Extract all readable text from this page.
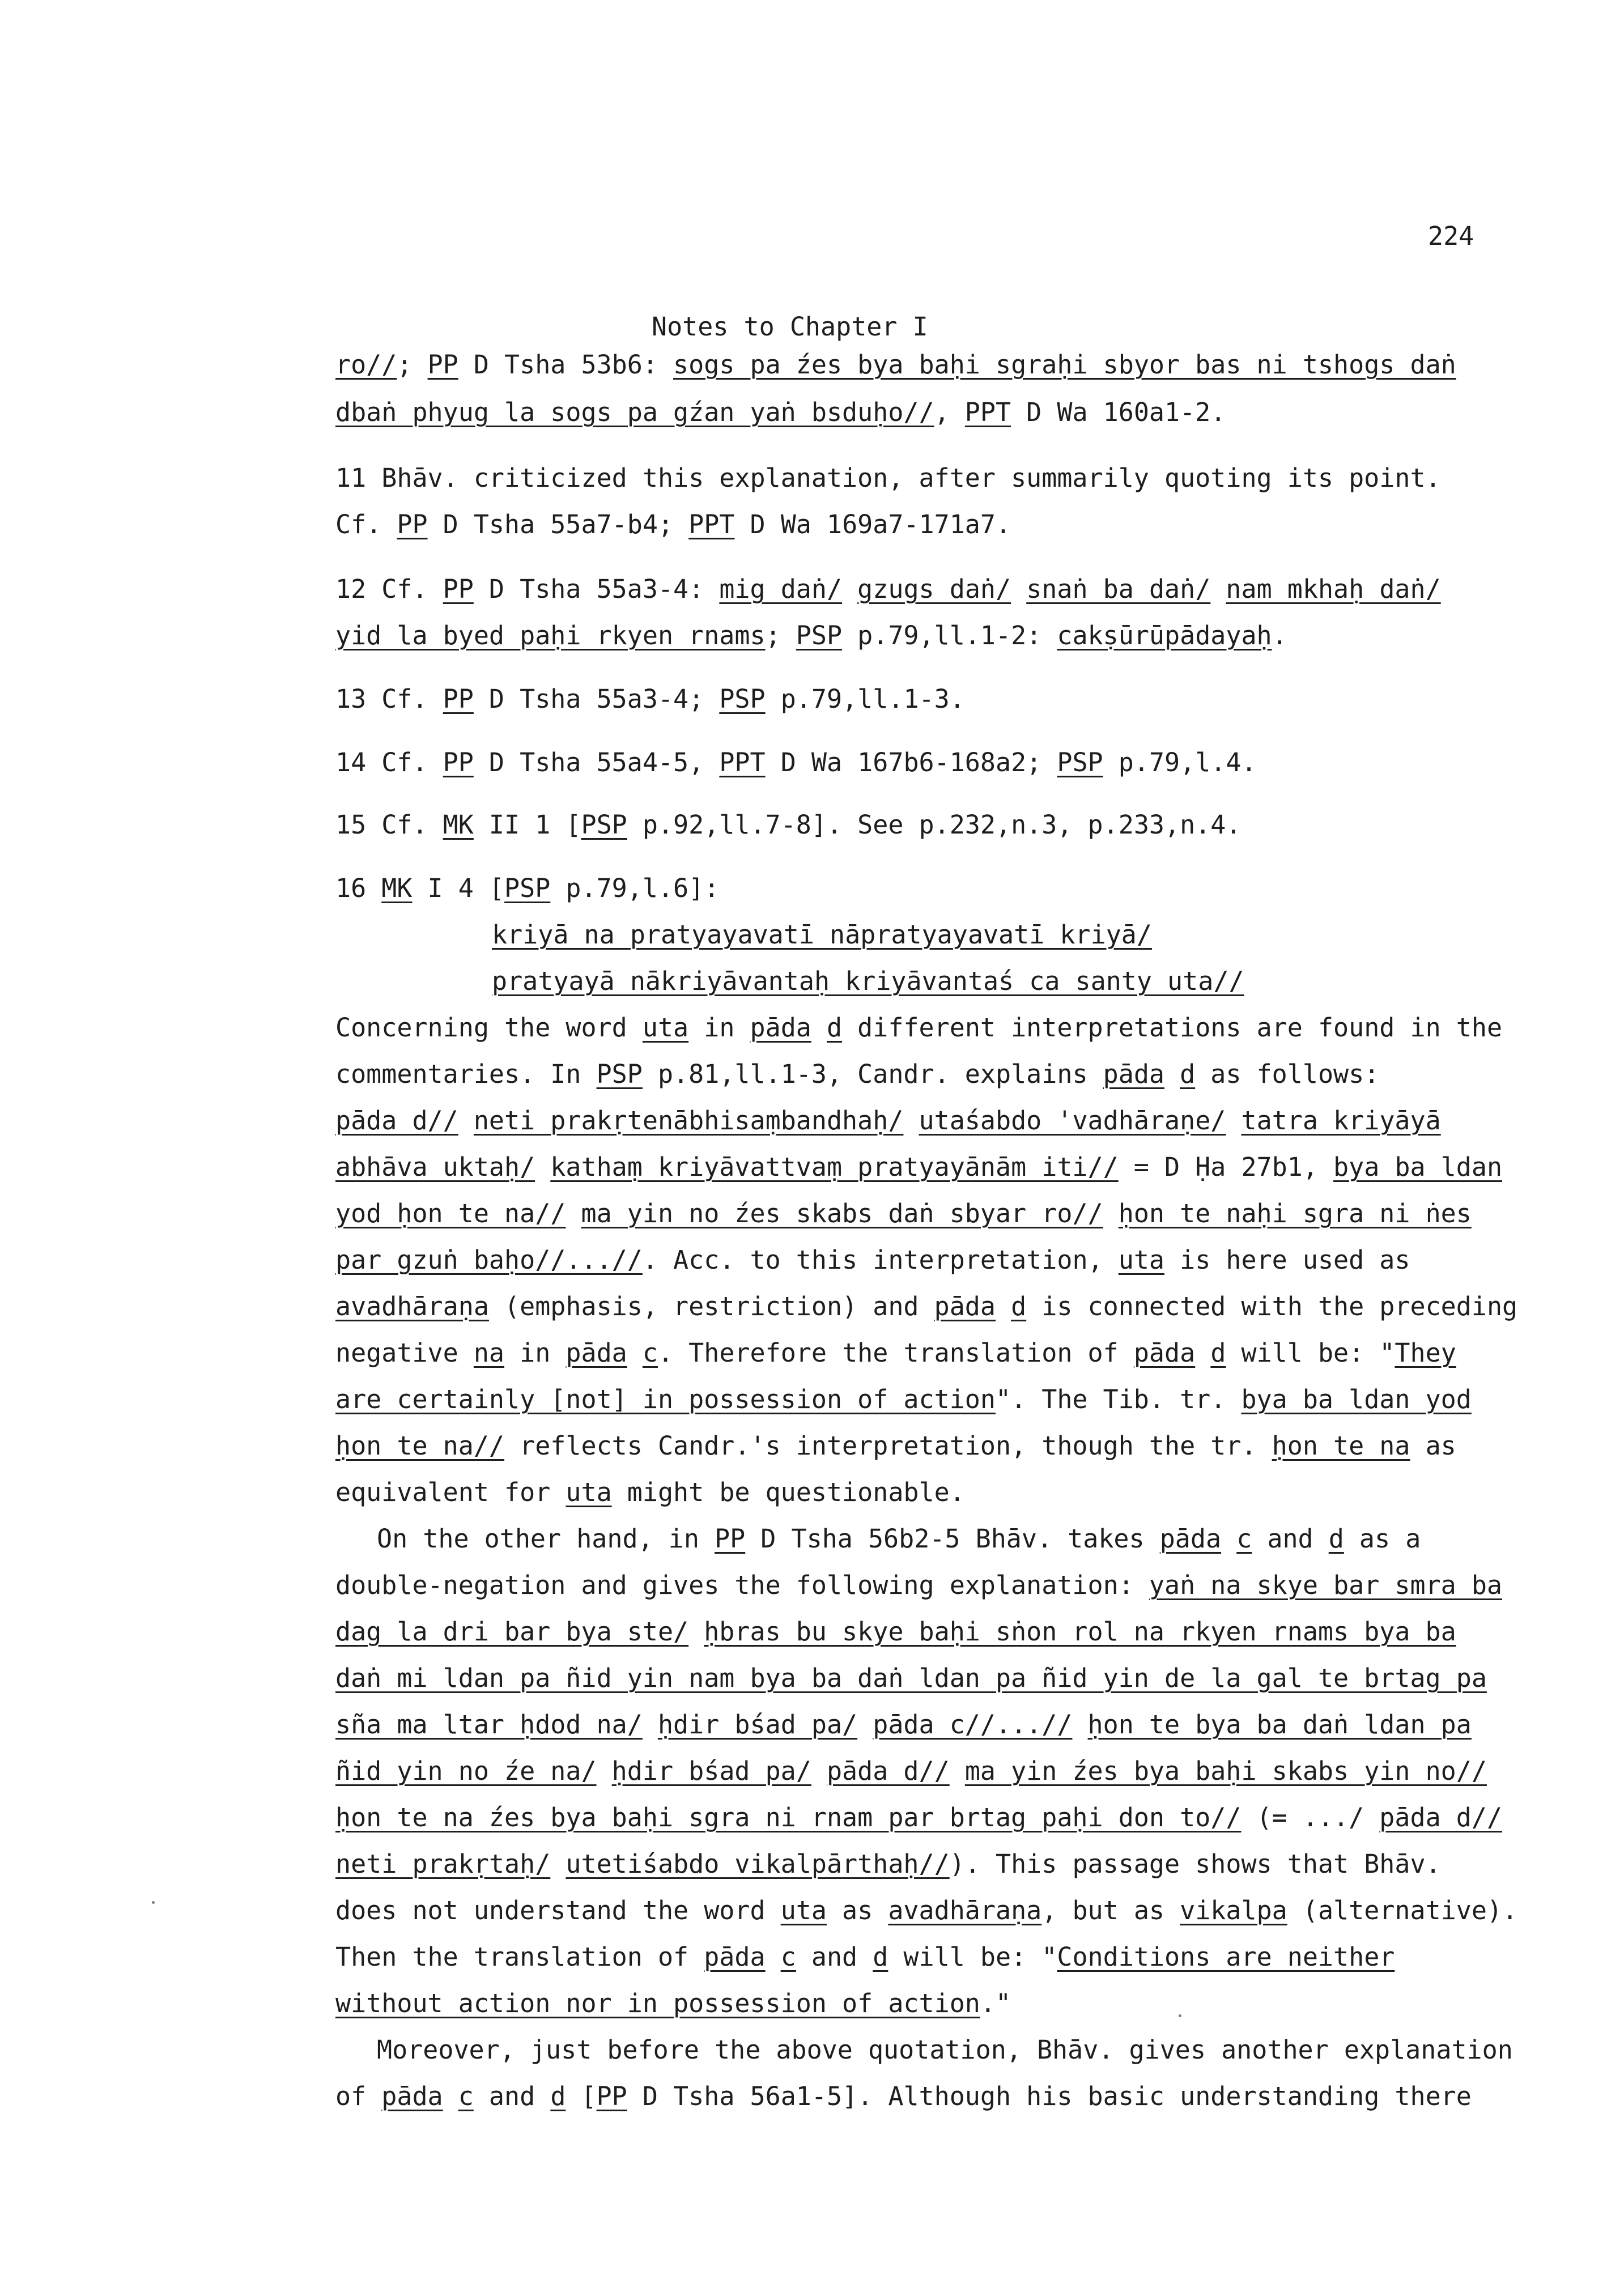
224
Notes to Chapter I
ro//; PP D Tsha 53b6: sogs pa źes bya baḥi sgraḥi sbyor bas ni tshogs daṅ
dbaṅ phyug la sogs pa gźan yaṅ bsduḥo//, PPT D Wa 160a1-2.
11 Bhāv. criticized this explanation, after summarily quoting its point.
Cf. PP D Tsha 55a7-b4; PPT D Wa 169a7-171a7.
12 Cf. PP D Tsha 55a3-4: mig daṅ/ gzugs daṅ/ snaṅ ba daṅ/ nam mkhaḥ daṅ/
yid la byed paḥi rkyen rnams; PSP p.79,ll.1-2: cakṣūrūpādayaḥ.
13 Cf. PP D Tsha 55a3-4; PSP p.79,ll.1-3.
14 Cf. PP D Tsha 55a4-5, PPT D Wa 167b6-168a2; PSP p.79,l.4.
15 Cf. MK II 1 [PSP p.92,ll.7-8]. See p.232,n.3, p.233,n.4.
16 MK I 4 [PSP p.79,l.6]:
kriyā na pratyayavatī nāpratyayavatī kriyā/
pratyayā nākriyāvantaḥ kriyāvantaś ca santy uta//
Concerning the word uta in pāda d different interpretations are found in the
commentaries. In PSP p.81,ll.1-3, Candr. explains pāda d as follows:
pāda d// neti prakṛtenābhisaṃbandhaḥ/ utaśabdo 'vadhāraṇe/ tatra kriyāyā
abhāva uktaḥ/ kathaṃ kriyāvattvaṃ pratyayānām iti// = D Ḥa 27b1, bya ba ldan
yod ḥon te na// ma yin no źes skabs daṅ sbyar ro// ḥon te naḥi sgra ni ṅes
par gzuṅ baḥo//...//. Acc. to this interpretation, uta is here used as
avadhāraṇa (emphasis, restriction) and pāda d is connected with the preceding
negative na in pāda c. Therefore the translation of pāda d will be: "They
are certainly [not] in possession of action". The Tib. tr. bya ba ldan yod
ḥon te na// reflects Candr.'s interpretation, though the tr. ḥon te na as
equivalent for uta might be questionable.
On the other hand, in PP D Tsha 56b2-5 Bhāv. takes pāda c and d as a
double-negation and gives the following explanation: yaṅ na skye bar smra ba
dag la dri bar bya ste/ ḥbras bu skye baḥi sṅon rol na rkyen rnams bya ba
daṅ mi ldan pa ñid yin nam bya ba daṅ ldan pa ñid yin de la gal te brtag pa
sña ma ltar ḥdod na/ ḥdir bśad pa/ pāda c//...// ḥon te bya ba daṅ ldan pa
ñid yin no źe na/ ḥdir bśad pa/ pāda d// ma yin źes bya baḥi skabs yin no//
ḥon te na źes bya baḥi sgra ni rnam par brtag paḥi don to// (= .../ pāda d//
neti prakṛtaḥ/ utetiśabdo vikalpārthaḥ//). This passage shows that Bhāv.
does not understand the word uta as avadhāraṇa, but as vikalpa (alternative).
Then the translation of pāda c and d will be: "Conditions are neither
without action nor in possession of action."
Moreover, just before the above quotation, Bhāv. gives another explanation
of pāda c and d [PP D Tsha 56a1-5]. Although his basic understanding there
